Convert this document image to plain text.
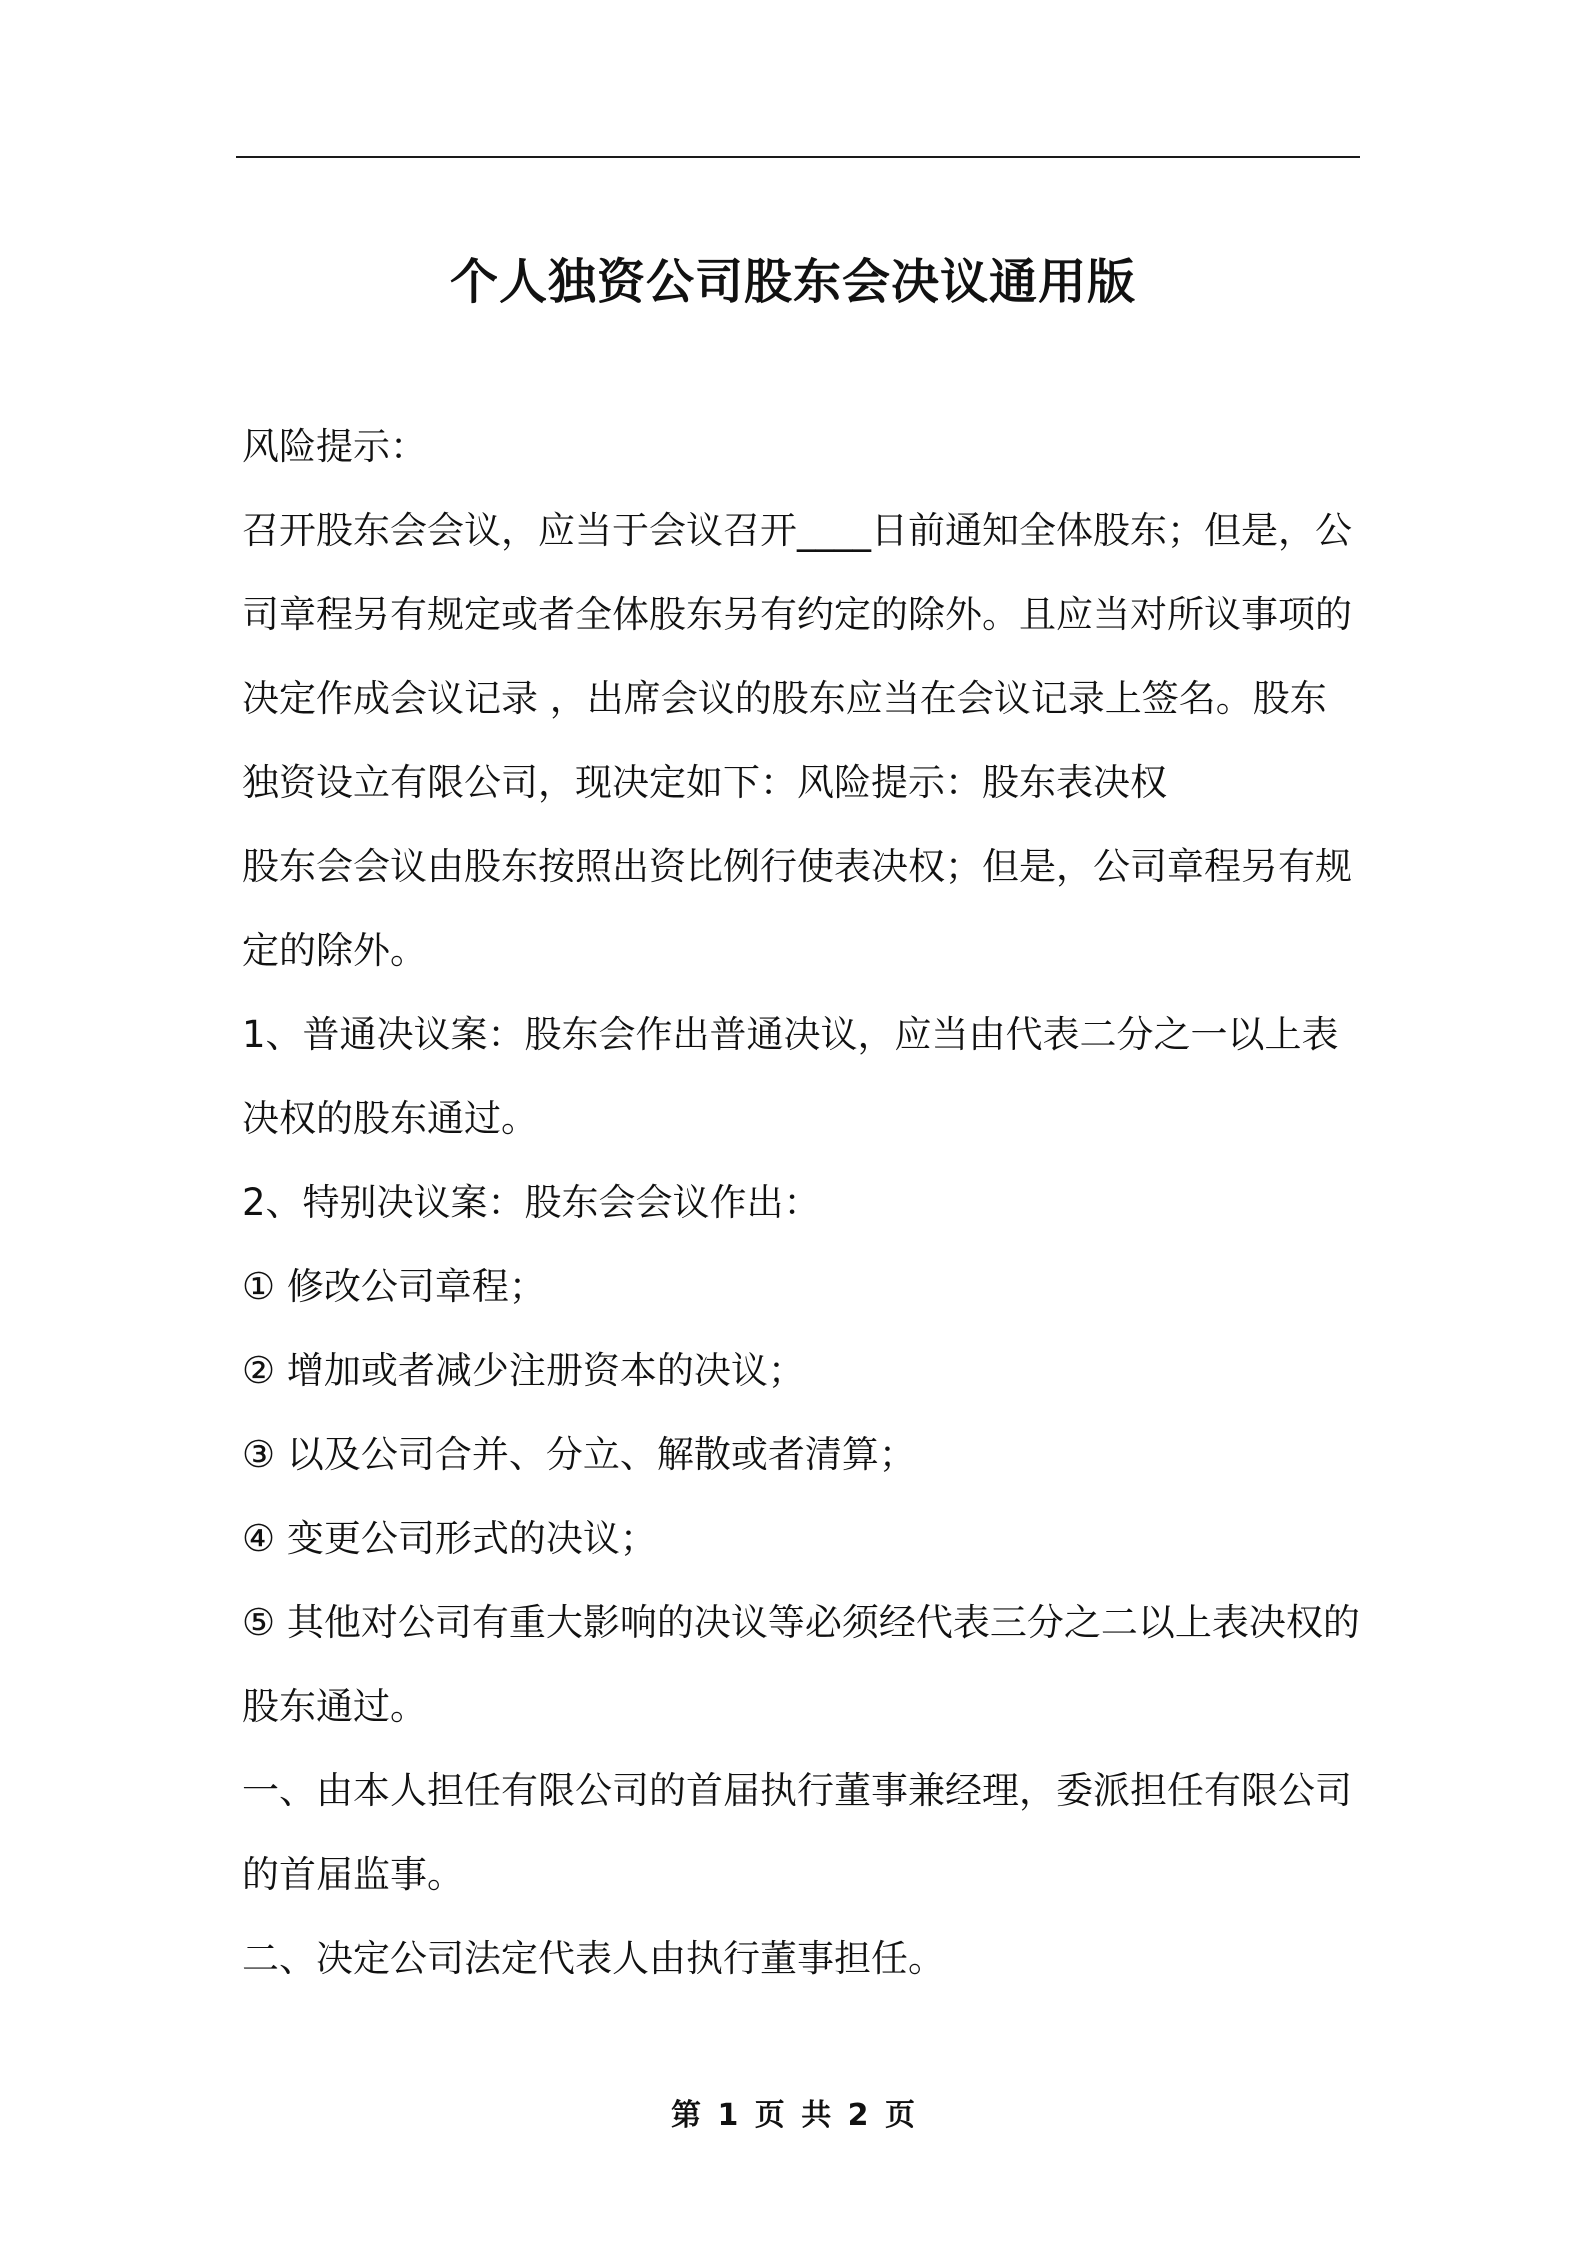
个人独资公司股东会决议通用版

风险提示：

召开股东会会议，应当于会议召开____日前通知全体股东；但是，公司章程另有规定或者全体股东另有约定的除外。且应当对所议事项的决定作成会议记录 ，出席会议的股东应当在会议记录上签名。股东独资设立有限公司，现决定如下：风险提示：股东表决权

股东会会议由股东按照出资比例行使表决权；但是，公司章程另有规定的除外。

1、普通决议案：股东会作出普通决议，应当由代表二分之一以上表决权的股东通过。

2、特别决议案：股东会会议作出：

① 修改公司章程；

② 增加或者减少注册资本的决议；

③ 以及公司合并、分立、解散或者清算；

④ 变更公司形式的决议；

⑤ 其他对公司有重大影响的决议等必须经代表三分之二以上表决权的股东通过。

一、由本人担任有限公司的首届执行董事兼经理，委派担任有限公司的首届监事。

二、决定公司法定代表人由执行董事担任。

第 1 页 共 2 页
